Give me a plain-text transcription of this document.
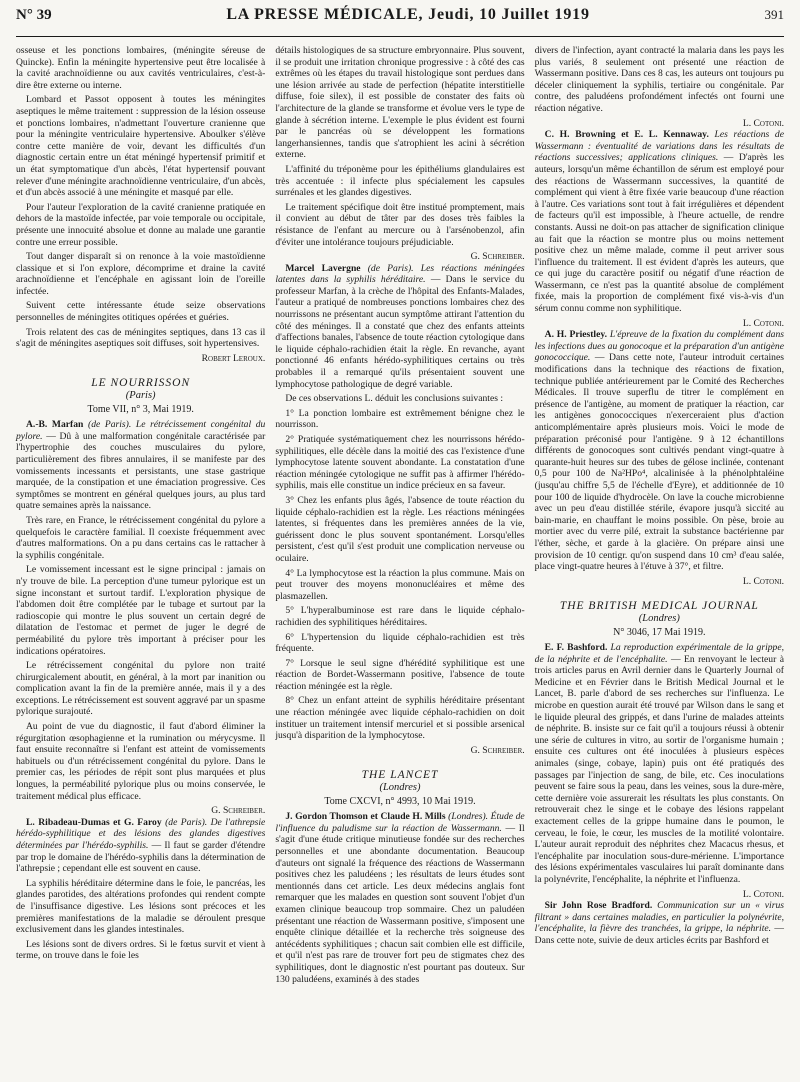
N° 39	LA PRESSE MÉDICALE, Jeudi, 10 Juillet 1919	391

osseuse et les ponctions lombaires, (méningite séreuse de Quincke). Enfin la méningite hypertensive peut être localisée à la cavité arachnoïdienne ou aux cavités ventriculaires, c'est-à-dire être externe ou interne.

Lombard et Passot opposent à toutes les méningites aseptiques le même traitement : suppression de la lésion osseuse et ponctions lombaires, n'admettant l'ouverture cranienne que pour la méningite ventriculaire hypertensive. Aboulker s'élève contre cette manière de voir, devant les difficultés d'un diagnostic certain entre un état méningé hypertensif primitif et un état symptomatique d'un abcès, l'état hypertensif pouvant relever d'une méningite arachnoïdienne ventriculaire, d'un abcès, et d'un abcès associé à une méningite et masqué par elle.

Pour l'auteur l'exploration de la cavité cranienne pratiquée en dehors de la mastoïde infectée, par voie temporale ou occipitale, présente une innocuité absolue et donne au malade une garantie contre une erreur possible.

Tout danger disparaît si on renonce à la voie mastoïdienne classique et si l'on explore, décomprime et draine la cavité arachnoïdienne et l'encéphale en agissant loin de l'oreille infectée.

Suivent cette intéressante étude seize observations personnelles de méningites otitiques opérées et guéries.

Trois relatent des cas de méningites septiques, dans 13 cas il s'agit de méningites aseptiques soit diffuses, soit hypertensives.

Robert Leroux.
LE NOURRISSON
(Paris)
Tome VII, n° 3, Mai 1919.

A.-B. Marfan (de Paris). Le rétrécissement congénital du pylore. — Dû à une malformation congénitale caractérisée par l'hypertrophie des couches musculaires du pylore, particulièrement des fibres annulaires, il se manifeste par des vomissements incessants et persistants, une stase gastrique marquée, de la constipation et une émaciation progressive. Ces symptômes se montrent en général quelques jours, au plus tard quatre semaines après la naissance.

Très rare, en France, le rétrécissement congénital du pylore a quelquefois le caractère familial. Il coexiste fréquemment avec d'autres malformations. On a pu dans certains cas le rattacher à la syphilis congénitale.

Le vomissement incessant est le signe principal : jamais on n'y trouve de bile. La perception d'une tumeur pylorique est un signe inconstant et surtout tardif. L'exploration physique de l'abdomen doit être complétée par le tubage et surtout par la radioscopie qui montre le plus souvent un certain degré de dilatation de l'estomac et permet de juger le degré de perméabilité du pylore très important à préciser pour les indications opératoires.

Le rétrécissement congénital du pylore non traité chirurgicalement aboutit, en général, à la mort par inanition ou complication avant la fin de la première année, mais il y a des exceptions. Le rétrécissement est souvent aggravé par un spasme pylorique surajouté.

Au point de vue du diagnostic, il faut d'abord éliminer la régurgitation œsophagienne et la rumination ou mérycysme. Il faut ensuite reconnaître si l'enfant est atteint de vomissements habituels ou d'un rétrécissement congénital du pylore. Dans le premier cas, les périodes de répit sont plus marquées et plus longues, la perméabilité pylorique plus ou moins conservée, le traitement médical plus efficace.

G. Schreiber.

L. Ribadeau-Dumas et G. Faroy (de Paris). De l'athrepsie hérédo-syphilitique et des lésions des glandes digestives déterminées par l'hérédo-syphilis. — Il faut se garder d'étendre par trop le domaine de l'hérédo-syphilis dans la détermination de l'athrepsie ; cependant elle est souvent en cause.

La syphilis héréditaire détermine dans le foie, le pancréas, les glandes parotides, des altérations profondes qui rendent compte de l'insuffisance digestive. Les lésions sont précoces et les premières manifestations de la maladie se déroulent presque exclusivement dans les glandes intestinales.

Les lésions sont de divers ordres. Si le fœtus survit et vient à terme, on trouve dans le foie les

détails histologiques de sa structure embryonnaire. Plus souvent, il se produit une irritation chronique progressive : à côté des cas extrêmes où les étapes du travail histologique sont perdues dans une lésion arrivée au stade de perfection (hépatite interstitielle diffuse, foie silex), il est possible de constater des faits où l'architecture de la glande se transforme et évolue vers le type de glande à sécrétion interne. L'exemple le plus évident est fourni par le pancréas où se développent les formations langerhansiennes, tandis que s'atrophient les acini à sécrétion externe.

L'affinité du tréponème pour les épithéliums glandulaires est très accentuée : il infecte plus spécialement les capsules surrénales et les glandes digestives.

Le traitement spécifique doit être institué promptement, mais il convient au début de tâter par des doses très faibles la résistance de l'enfant au mercure ou à l'arsénobenzol, afin d'éviter une intolérance toujours préjudiciable.

G. Schreiber.

Marcel Lavergne (de Paris). Les réactions méningées latentes dans la syphilis héréditaire. — Dans le service du professeur Marfan, à la crèche de l'hôpital des Enfants-Malades, l'auteur a pratiqué de nombreuses ponctions lombaires chez des nourrissons ne présentant aucun symptôme attirant l'attention du côté des méninges. Il a constaté que chez des enfants atteints d'affections banales, l'absence de toute réaction cytologique dans le liquide céphalo-rachidien était la règle. En revanche, ayant ponctionné 46 enfants hérédo-syphilitiques certains ou très probables il a remarqué qu'ils présentaient souvent une lymphocytose pathologique de degré variable.

De ces observations L. déduit les conclusions suivantes :

1° La ponction lombaire est extrêmement bénigne chez le nourrisson.

2° Pratiquée systématiquement chez les nourrissons hérédo-syphilitiques, elle décèle dans la moitié des cas l'existence d'une lymphocytose latente souvent abondante. La constatation d'une réaction méningée cytologique ne suffit pas à affirmer l'hérédo-syphilis, mais elle constitue un indice précieux en sa faveur.

3° Chez les enfants plus âgés, l'absence de toute réaction du liquide céphalo-rachidien est la règle. Les réactions méningées latentes, si fréquentes dans les premières années de la vie, guérissent donc le plus souvent spontanément. Lorsqu'elles persistent, c'est qu'il s'est produit une complication nerveuse ou oculaire.

4° La lymphocytose est la réaction la plus commune. Mais on peut trouver des moyens mononucléaires et même des plasmazellen.

5° L'hyperalbuminose est rare dans le liquide céphalo-rachidien des syphilitiques héréditaires.

6° L'hypertension du liquide céphalo-rachidien est très fréquente.

7° Lorsque le seul signe d'hérédité syphilitique est une réaction de Bordet-Wassermann positive, l'absence de toute réaction méningée est la règle.

8° Chez un enfant atteint de syphilis héréditaire présentant une réaction méningée avec liquide céphalo-rachidien on doit instituer un traitement intensif mercuriel et si possible arsenical jusqu'à disparition de la lymphocytose.

G. Schreiber.
THE LANCET
(Londres)
Tome CXCVI, n° 4993, 10 Mai 1919.

J. Gordon Thomson et Claude H. Mills (Londres). Étude de l'influence du paludisme sur la réaction de Wassermann. — Il s'agit d'une étude critique minutieuse fondée sur des recherches personnelles et une abondante documentation. Beaucoup d'auteurs ont signalé la fréquence des réactions de Wassermann positives chez les paludéens ; les résultats de leurs études sont mentionnés dans cet article. Les deux médecins anglais font remarquer que les malades en question sont souvent l'objet d'un examen clinique beaucoup trop sommaire. Chez un paludéen présentant une réaction de Wassermann positive, s'imposent une enquête clinique détaillée et la recherche très soigneuse des antécédents syphilitiques ; chacun sait combien elle est difficile, et qu'il n'est pas rare de trouver fort peu de stigmates chez des syphilitiques, dont le diagnostic n'est pourtant pas douteux. Sur 130 paludéens, examinés à des stades

divers de l'infection, ayant contracté la malaria dans les pays les plus variés, 8 seulement ont présenté une réaction de Wassermann positive. Dans ces 8 cas, les auteurs ont toujours pu déceler cliniquement la syphilis, tertiaire ou congénitale. Par contre, des paludéens profondément infectés ont fourni une réaction négative.

L. Cotoni.

C. H. Browning et E. L. Kennaway. Les réactions de Wassermann : éventualité de variations dans les résultats de réactions successives; applications cliniques. — D'après les auteurs, lorsqu'un même échantillon de sérum est employé pour des réactions de Wassermann successives, la quantité de complément qui vient à être fixée varie beaucoup d'une réaction à l'autre. Ces variations sont tout à fait irrégulières et dépendent de facteurs qu'il est impossible, à l'heure actuelle, de rendre constants. Aussi ne doit-on pas attacher de signification clinique au fait que la réaction se montre plus ou moins nettement positive chez un même malade, comme il peut arriver sous l'influence du traitement. Il est évident d'après les auteurs, que ce qui juge du caractère positif ou négatif d'une réaction de Wassermann, ce n'est pas la quantité absolue de complément fixée, mais la proportion de complément fixé vis-à-vis d'un sérum connu comme non syphilitique.

L. Cotoni.

A. H. Priestley. L'épreuve de la fixation du complément dans les infections dues au gonocoque et la préparation d'un antigène gonococcique. — Dans cette note, l'auteur introduit certaines modifications dans la technique des réactions de fixation, technique publiée antérieurement par le Comité des Recherches Médicales. Il trouve superflu de titrer le complément en présence de l'antigène, au moment de pratiquer la réaction, car les antigènes gonococciques n'exerceraient plus d'action anticomplémentaire après plusieurs mois. Voici le mode de préparation préconisé pour l'antigène. 9 à 12 échantillons différents de gonocoques sont cultivés pendant vingt-quatre à quarante-huit heures sur des tubes de gélose inclinée, contenant 0,5 pour 100 de Na²HPo⁴, alcalinisée à la phénolphtaléine (jusqu'au chiffre 5,5 de l'échelle d'Eyre), et additionnée de 10 pour 100 de liquide d'hydrocèle. On lave la couche microbienne avec un peu d'eau distillée stérile, évapore jusqu'à siccité au bain-marie, en chauffant le moins possible. On pèse, broie au mortier avec du verre pilé, extrait la substance bactérienne par l'éther, sèche, et garde à la glacière. On prépare ainsi une provision de 10 centigr. qu'on suspend dans 10 cm³ d'eau salée, place vingt-quatre heures à l'étuve à 37°, et filtre.

L. Cotoni.
THE BRITISH MEDICAL JOURNAL
(Londres)
N° 3046, 17 Mai 1919.

E. F. Bashford. La reproduction expérimentale de la grippe, de la néphrite et de l'encéphalite. — En renvoyant le lecteur à trois articles parus en Avril dernier dans le Quarterly Journal of Medicine et en Février dans le British Medical Journal et le Lancet, B. parle d'abord de ses recherches sur l'influenza. Le microbe en question aurait été trouvé par Wilson dans le sang et le liquide pleural des grippés, et dans l'urine de malades atteints de néphrite. B. insiste sur ce fait qu'il a toujours réussi à obtenir une série de cultures in vitro, au sortir de l'organisme humain ; ensuite ces cultures ont été inoculées à plusieurs espèces animales (singe, cobaye, lapin) puis ont été pratiqués des passages par l'injection de sang, de bile, etc. Ces inoculations peuvent se faire sous la peau, dans les veines, sous la dure-mère, cette dernière voie assurerait les résultats les plus constants. On retrouverait chez le singe et le cobaye des lésions rappelant exactement celles de la grippe humaine dans le poumon, le cerveau, le foie, le cœur, les muscles de la motilité volontaire. L'auteur aurait reproduit des néphrites chez Macacus rhesus, et l'encéphalite par inoculation sous-dure-mérienne. L'importance des lésions expérimentales vasculaires lui paraît dominante dans la polynévrite, l'encéphalite, la néphrite et l'influenza.

L. Cotoni.

Sir John Rose Bradford. Communication sur un « virus filtrant » dans certaines maladies, en particulier la polynévrite, l'encéphalite, la fièvre des tranchées, la grippe, la néphrite. — Dans cette note, suivie de deux articles écrits par Bashford et
